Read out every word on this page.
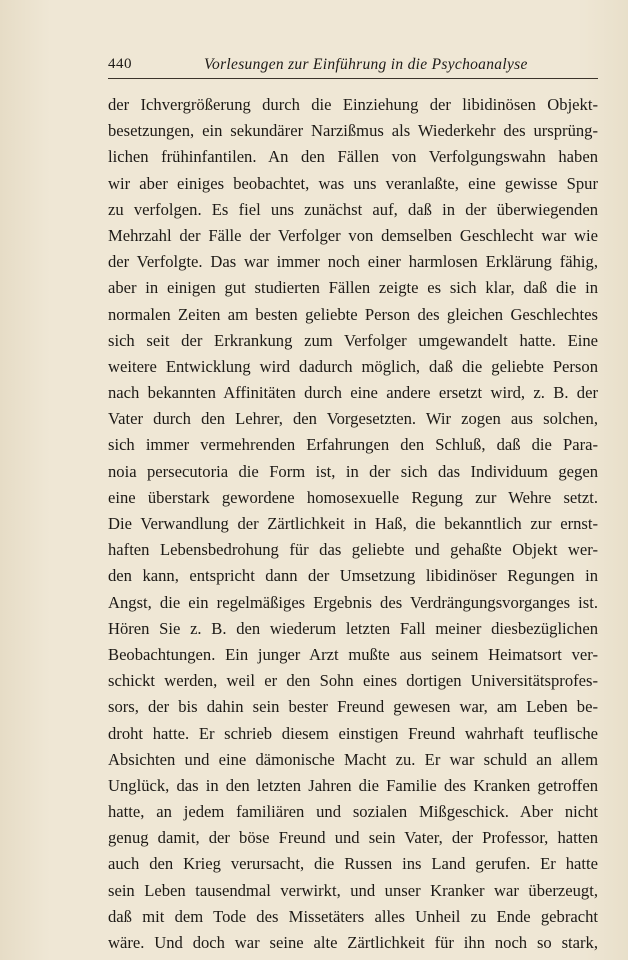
440	Vorlesungen zur Einführung in die Psychoanalyse
der Ichvergrößerung durch die Einziehung der libidinösen Objekt-
besetzungen, ein sekundärer Narzißmus als Wiederkehr des ursprüng-
lichen frühinfantilen. An den Fällen von Verfolgungswahn haben
wir aber einiges beobachtet, was uns veranlaßte, eine gewisse Spur
zu verfolgen. Es fiel uns zunächst auf, daß in der überwiegenden
Mehrzahl der Fälle der Verfolger von demselben Geschlecht war wie
der Verfolgte. Das war immer noch einer harmlosen Erklärung fähig,
aber in einigen gut studierten Fällen zeigte es sich klar, daß die in
normalen Zeiten am besten geliebte Person des gleichen Geschlechtes
sich seit der Erkrankung zum Verfolger umgewandelt hatte. Eine
weitere Entwicklung wird dadurch möglich, daß die geliebte Person
nach bekannten Affinitäten durch eine andere ersetzt wird, z. B. der
Vater durch den Lehrer, den Vorgesetzten. Wir zogen aus solchen,
sich immer vermehrenden Erfahrungen den Schluß, daß die Para-
noia persecutoria die Form ist, in der sich das Individuum gegen
eine überstark gewordene homosexuelle Regung zur Wehre setzt.
Die Verwandlung der Zärtlichkeit in Haß, die bekanntlich zur ernst-
haften Lebensbedrohung für das geliebte und gehaßte Objekt wer-
den kann, entspricht dann der Umsetzung libidinöser Regungen in
Angst, die ein regelmäßiges Ergebnis des Verdrängungsvorganges ist.
Hören Sie z. B. den wiederum letzten Fall meiner diesbezüglichen
Beobachtungen. Ein junger Arzt mußte aus seinem Heimatsort ver-
schickt werden, weil er den Sohn eines dortigen Universitätsprofes-
sors, der bis dahin sein bester Freund gewesen war, am Leben be-
droht hatte. Er schrieb diesem einstigen Freund wahrhaft teuflische
Absichten und eine dämonische Macht zu. Er war schuld an allem
Unglück, das in den letzten Jahren die Familie des Kranken getroffen
hatte, an jedem familiären und sozialen Mißgeschick. Aber nicht
genug damit, der böse Freund und sein Vater, der Professor, hatten
auch den Krieg verursacht, die Russen ins Land gerufen. Er hatte
sein Leben tausendmal verwirkt, und unser Kranker war überzeugt,
daß mit dem Tode des Missetäters alles Unheil zu Ende gebracht
wäre. Und doch war seine alte Zärtlichkeit für ihn noch so stark,
